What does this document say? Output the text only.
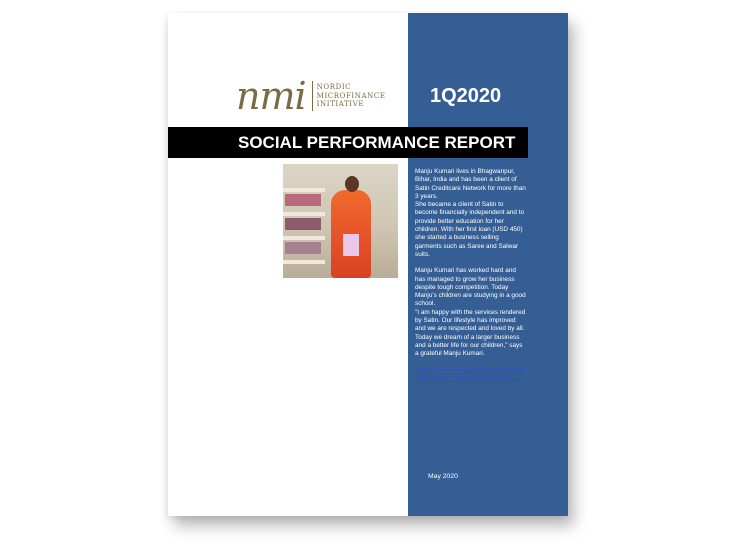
nmi NORDIC
MICROFINANCE
INITIATIVE	1Q2020
SOCIAL PERFORMANCE REPORT

Manju Kumari lives in Bhagwanpur, Bihar, India and has been a client of Satin Creditcare Network for more than 3 years.

She became a client of Satin to become financially independent and to provide better education for her children. With her first loan (USD 450) she started a business selling garments such as Saree and Salwar suits.

Manju Kumari has worked hard and has managed to grow her business despite tough competition. Today Manju's children are studying in a good school.

"I am happy with the services rendered by Satin. Our lifestyle has improved and we are respected and loved by all. Today we dream of a larger business and a better life for our children," says a grateful Manju Kumari.

https://satincreditcare.com/success-stories/#1532571-8682a-90fc4d45-5cb6

May 2020
